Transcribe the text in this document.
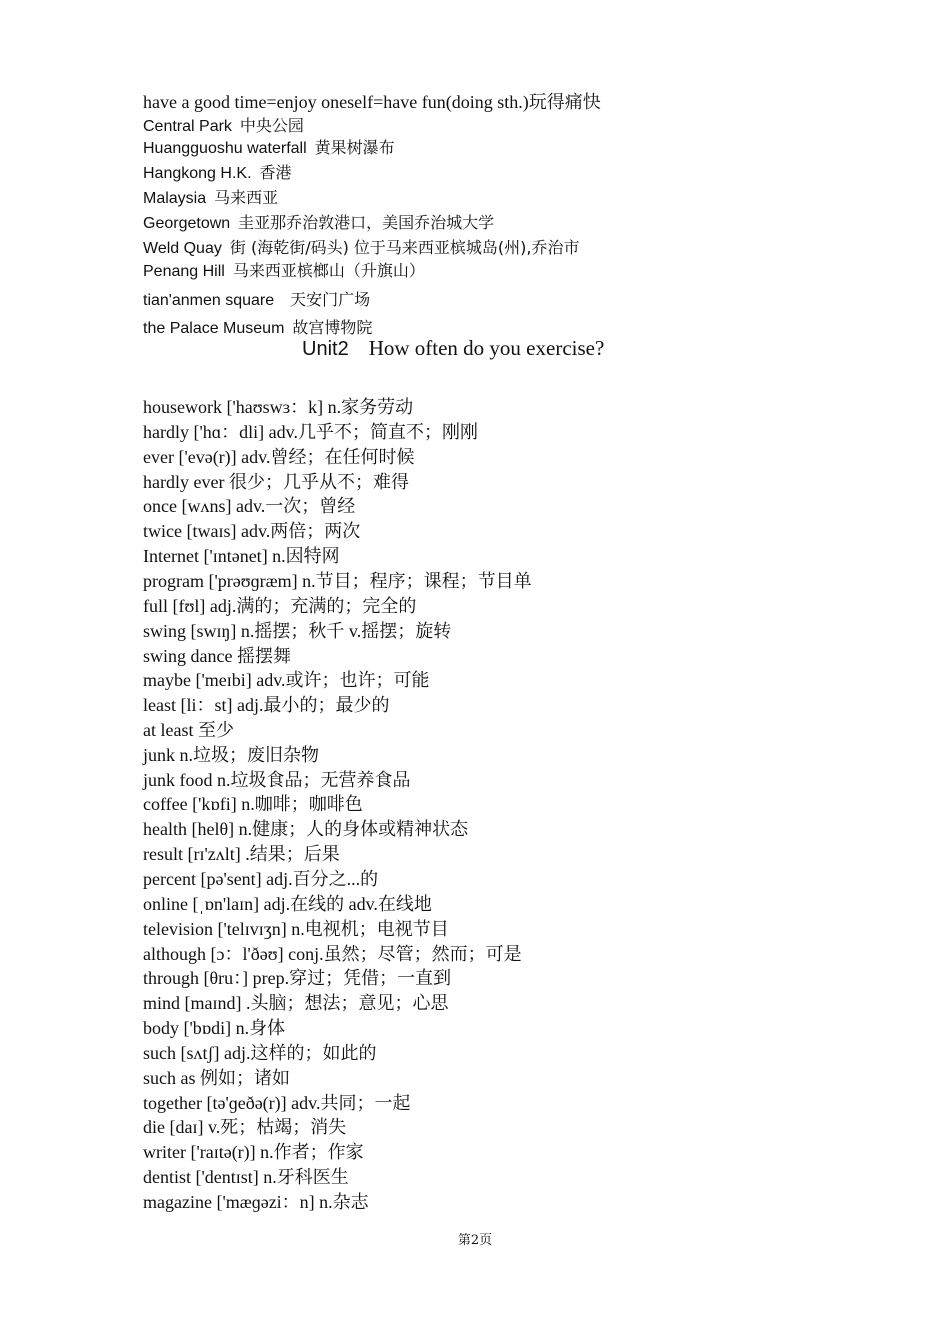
have a good time=enjoy oneself=have fun(doing sth.)玩得痛快
Central Park 中央公园
Huangguoshu waterfall 黄果树瀑布
Hangkong H.K. 香港
Malaysia 马来西亚
Georgetown 圭亚那乔治敦港口，美国乔治城大学
Weld Quay 街 (海乾街/码头) 位于马来西亚槟城岛(州),乔治市
Penang Hill 马来西亚槟榔山（升旗山）
tian'anmen square 天安门广场
the Palace Museum 故宫博物院
Unit2 How often do you exercise?
housework ['haʊswɜ：k] n.家务劳动
hardly ['hɑ：dli] adv.几乎不；简直不；刚刚
ever ['evə(r)] adv.曾经；在任何时候
hardly ever 很少；几乎从不；难得
once [wʌns] adv.一次；曾经
twice [twaɪs] adv.两倍；两次
Internet ['ɪntənet] n.因特网
program ['prəʊɡræm] n.节目；程序；课程；节目单
full [fʊl] adj.满的；充满的；完全的
swing [swɪŋ] n.摇摆；秋千 v.摇摆；旋转
swing dance 摇摆舞
maybe ['meɪbi] adv.或许；也许；可能
least [li：st] adj.最小的；最少的
at least 至少
junk n.垃圾；废旧杂物
junk food n.垃圾食品；无营养食品
coffee ['kɒfi] n.咖啡；咖啡色
health [helθ] n.健康；人的身体或精神状态
result [rɪ'zʌlt] .结果；后果
percent [pə'sent] adj.百分之...的
online [ˌɒn'laɪn] adj.在线的 adv.在线地
television ['telɪvɪʒn] n.电视机；电视节目
although [ɔ：l'ðəʊ] conj.虽然；尽管；然而；可是
through [θru：] prep.穿过；凭借；一直到
mind [maɪnd] .头脑；想法；意见；心思
body ['bɒdi] n.身体
such [sʌtʃ] adj.这样的；如此的
such as 例如；诸如
together [tə'ɡeðə(r)] adv.共同；一起
die [daɪ] v.死；枯竭；消失
writer ['raɪtə(r)] n.作者；作家
dentist ['dentɪst] n.牙科医生
magazine ['mæɡəzi：n] n.杂志
第2页
